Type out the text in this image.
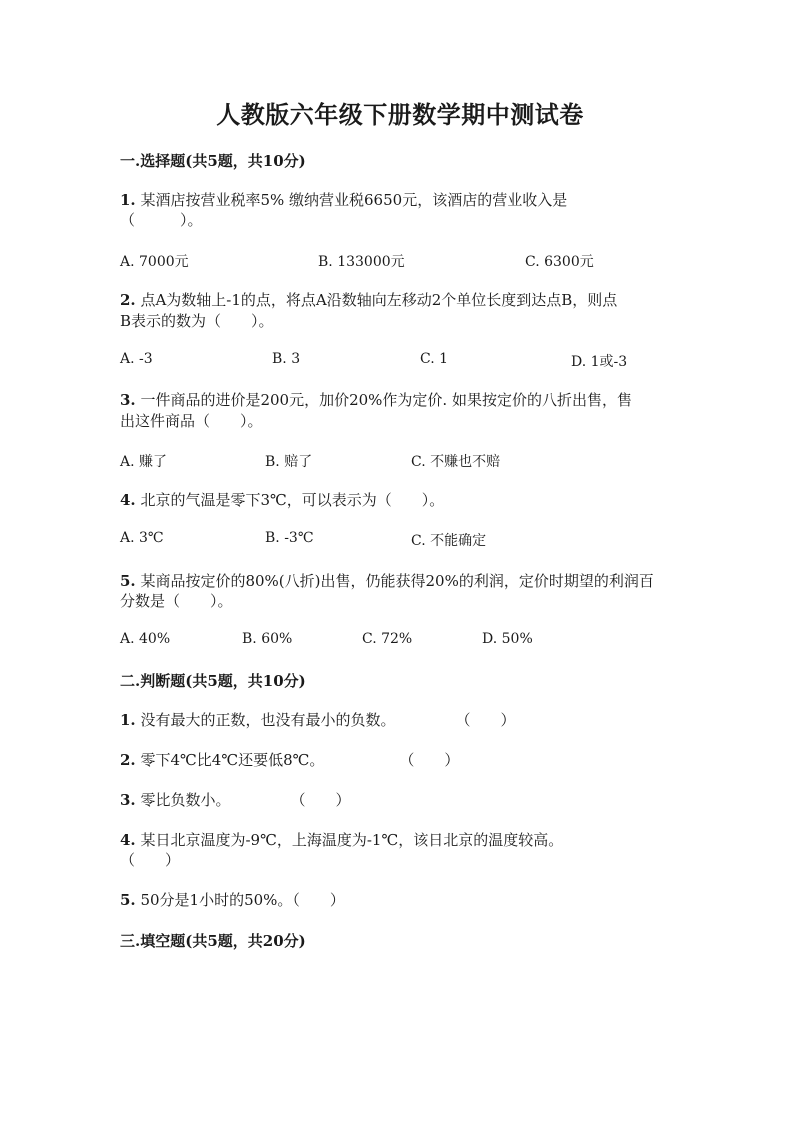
人教版六年级下册数学期中测试卷
一.选择题(共5题，共10分)
1. 某酒店按营业税率5% 缴纳营业税6650元，该酒店的营业收入是
（　　　）。
A. 7000元	B. 133000元	C. 6300元
2. 点A为数轴上-1的点，将点A沿数轴向左移动2个单位长度到达点B，则点
B表示的数为（　　）。
A. -3	B. 3	C. 1	D. 1或-3
3. 一件商品的进价是200元，加价20%作为定价. 如果按定价的八折出售，售
出这件商品（　　）。
A. 赚了	B. 赔了	C. 不赚也不赔
4. 北京的气温是零下3℃，可以表示为（　　）。
A. 3℃	B. -3℃	C. 不能确定
5. 某商品按定价的80%(八折)出售，仍能获得20%的利润，定价时期望的利润百
分数是（　　）。
A. 40%	B. 60%	C. 72%	D. 50%
二.判断题(共5题，共10分)
1. 没有最大的正数，也没有最小的负数。　　　　　（　　）
2. 零下4℃比4℃还要低8℃。　　　　　　（　　）
3. 零比负数小。　　　　　（　　）
4. 某日北京温度为-9℃，上海温度为-1℃，该日北京的温度较高。
（　　）
5. 50分是1小时的50%。（　　）
三.填空题(共5题，共20分)
